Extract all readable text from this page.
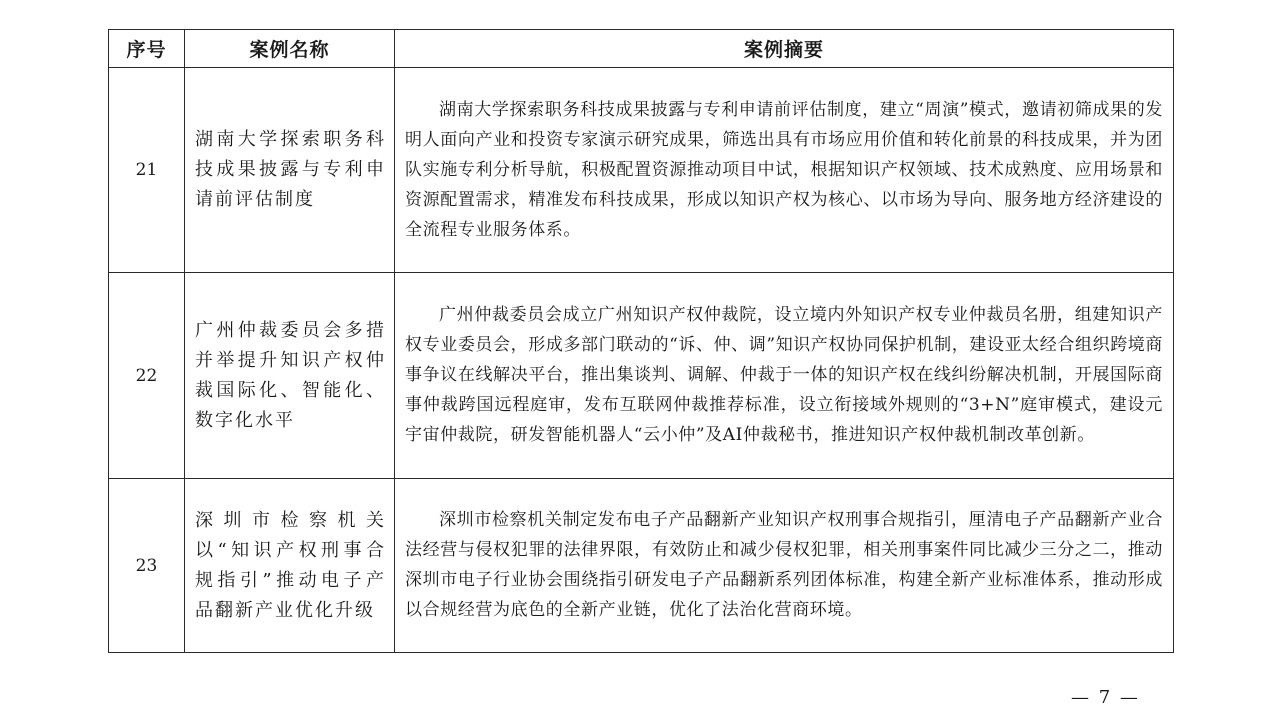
序号	案例名称	案例摘要
21	湖南大学探索职务科技成果披露与专利申请前评估制度	湖南大学探索职务科技成果披露与专利申请前评估制度，建立“周演”模式，邀请初筛成果的发明人面向产业和投资专家演示研究成果，筛选出具有市场应用价值和转化前景的科技成果，并为团队实施专利分析导航，积极配置资源推动项目中试，根据知识产权领域、技术成熟度、应用场景和资源配置需求，精准发布科技成果，形成以知识产权为核心、以市场为导向、服务地方经济建设的全流程专业服务体系。
22	广州仲裁委员会多措并举提升知识产权仲裁国际化、智能化、数字化水平	广州仲裁委员会成立广州知识产权仲裁院，设立境内外知识产权专业仲裁员名册，组建知识产权专业委员会，形成多部门联动的“诉、仲、调”知识产权协同保护机制，建设亚太经合组织跨境商事争议在线解决平台，推出集谈判、调解、仲裁于一体的知识产权在线纠纷解决机制，开展国际商事仲裁跨国远程庭审，发布互联网仲裁推荐标准，设立衔接域外规则的“3+N”庭审模式，建设元宇宙仲裁院，研发智能机器人“云小仲”及AI仲裁秘书，推进知识产权仲裁机制改革创新。
23	深圳市检察机关以“知识产权刑事合规指引”推动电子产品翻新产业优化升级	深圳市检察机关制定发布电子产品翻新产业知识产权刑事合规指引，厘清电子产品翻新产业合法经营与侵权犯罪的法律界限，有效防止和减少侵权犯罪，相关刑事案件同比减少三分之二，推动深圳市电子行业协会围绕指引研发电子产品翻新系列团体标准，构建全新产业标准体系，推动形成以合规经营为底色的全新产业链，优化了法治化营商环境。
— 7 —
